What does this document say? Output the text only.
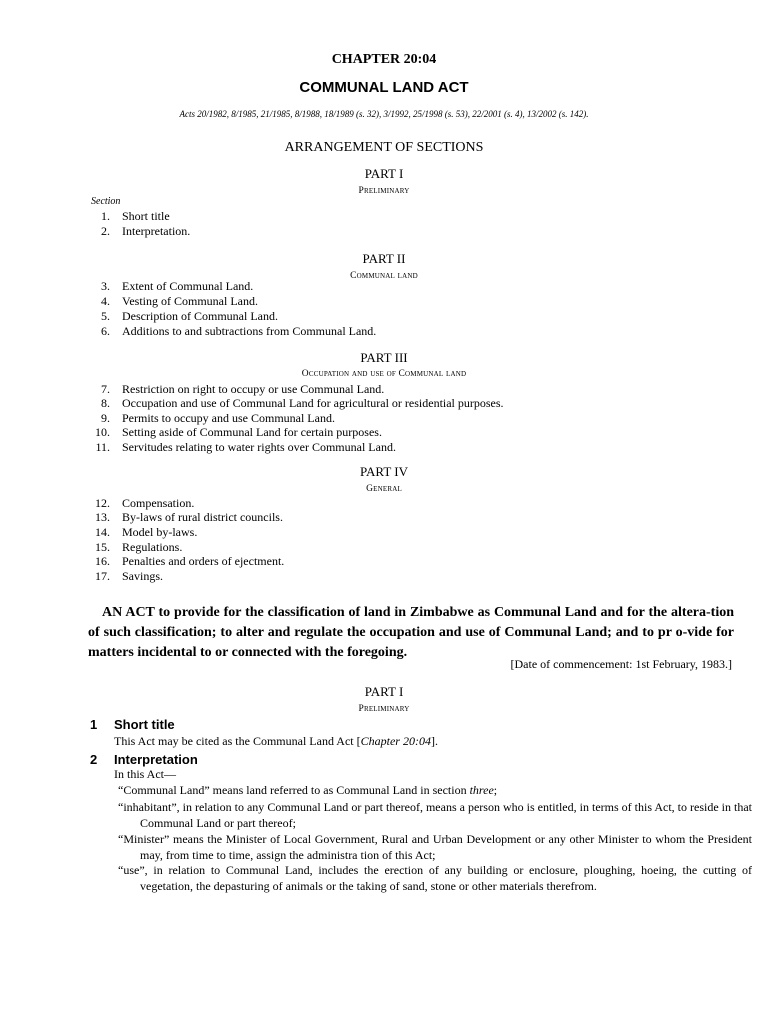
CHAPTER 20:04
COMMUNAL LAND ACT
Acts 20/1982, 8/1985, 21/1985, 8/1988, 18/1989 (s. 32), 3/1992, 25/1998 (s. 53), 22/2001 (s. 4), 13/2002 (s. 142).
ARRANGEMENT OF SECTIONS
PART I
Preliminary
Section
1. Short title
2. Interpretation.
PART II
Communal land
3. Extent of Communal Land.
4. Vesting of Communal Land.
5. Description of Communal Land.
6. Additions to and subtractions from Communal Land.
PART III
Occupation and use of Communal land
7. Restriction on right to occupy or use Communal Land.
8. Occupation and use of Communal Land for agricultural or residential purposes.
9. Permits to occupy and use Communal Land.
10. Setting aside of Communal Land for certain purposes.
11. Servitudes relating to water rights over Communal Land.
PART IV
General
12. Compensation.
13. By-laws of rural district councils.
14. Model by-laws.
15. Regulations.
16. Penalties and orders of ejectment.
17. Savings.
AN ACT to provide for the classification of land in Zimbabwe as Communal Land and for the altera-tion of such classification; to alter and regulate the occupation and use of Communal Land; and to pr o-vide for matters incidental to or connected with the foregoing.
[Date of commencement: 1st February, 1983.]
PART I
Preliminary
1 Short title
This Act may be cited as the Communal Land Act [Chapter 20:04].
2 Interpretation
In this Act—
“Communal Land” means land referred to as Communal Land in section three;
“inhabitant”, in relation to any Communal Land or part thereof, means a person who is entitled, in terms of this Act, to reside in that Communal Land or part thereof;
“Minister” means the Minister of Local Government, Rural and Urban Development or any other Minister to whom the President may, from time to time, assign the administra tion of this Act;
“use”, in relation to Communal Land, includes the erection of any building or enclosure, ploughing, hoeing, the cutting of vegetation, the depasturing of animals or the taking of sand, stone or other materials therefrom.
